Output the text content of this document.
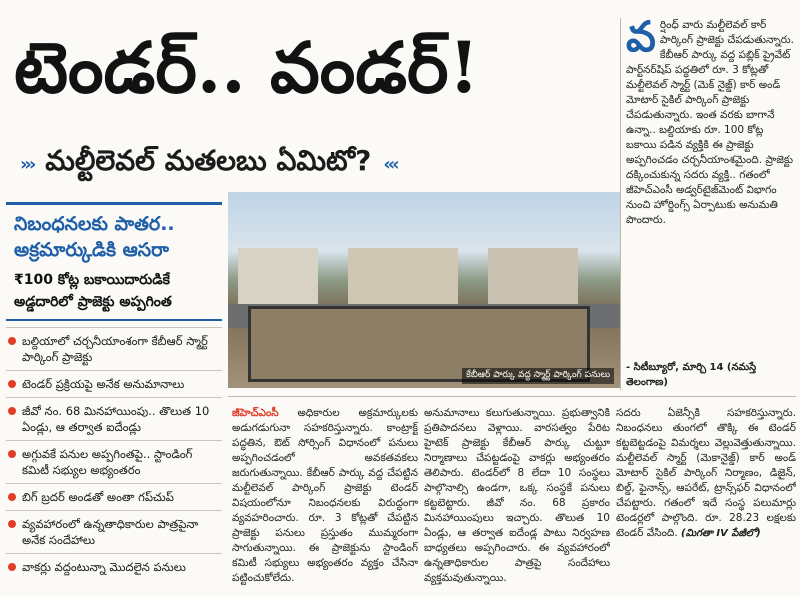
టెండర్.. వండర్!
››› మల్టీలెవల్ మతలబు ఏమిటో? ‹‹‹
వ ర్షింధ్ వారు మల్టీలెవల్ కార్ పార్కింగ్ ప్రాజెక్టు చేపడుతున్నారు. కేబీఆర్ పార్కు వద్ద పబ్లిక్ ప్రైవేట్ పార్ట్‌నర్‌షిప్ పద్ధతిలో రూ. 3 కోట్లతో మల్టీలెవల్ స్మార్ట్ (మెక్ నైజ్డ్) కార్ అండ్ మోటార్ సైకిల్ పార్కింగ్ ప్రాజెక్టు చేపడుతున్నారు. ఇంత వరకు బాగానే ఉన్నా.. బల్దియాకు రూ. 100 కోట్ల బకాయి పడిన వ్యక్తికి ఈ ప్రాజెక్టు అప్పగించడం చర్చనీయాంశమైంది. ప్రాజెక్టు దక్కించుకున్న సదరు వ్యక్తి.. గతంలో జీహెచ్ఎంసీ అడ్వర్‌టైజ్‌మెంట్ విభాగం నుంచి హోర్డింగ్స్ ఏర్పాటుకు అనుమతి పొందారు.
- సిటీబ్యూరో, మార్చి 14 (నమస్తే తెలంగాణ)
నిబంధనలకు పాతర..
అక్రమార్కుడికి ఆసరా
₹100 కోట్ల బకాయిదారుడికే
అడ్డదారిలో ప్రాజెక్టు అప్పగింత
బల్దియాలో చర్చనీయాంశంగా కేబీఆర్ స్మార్ట్ పార్కింగ్ ప్రాజెక్టు
టెండర్ ప్రక్రియపై అనేక అనుమానాలు
జీవో నం. 68 మినహాయింపు.. తొలుత 10 ఏండ్లు, ఆ తర్వాత ఐదేండ్లు
అగ్గువకే పనుల అప్పగింతపై.. స్టాండింగ్ కమిటీ సభ్యుల అభ్యంతరం
బిగ్ బ్రదర్ అండతో అంతా గప్‌చుప్
వ్యవహారంలో ఉన్నతాధికారుల పాత్రపైనా అనేక సందేహాలు
వాకర్లు వద్దంటున్నా మొదలైన పనులు
కేబీఆర్ పార్కు వద్ద స్మార్ట్ పార్కింగ్ పనులు
జీహెచ్ఎంసీ అధికారుల అక్రమార్కులకు అడుగడుగునా సహకరిస్తున్నారు. కాంట్రాక్ట్ పద్ధతిన, ఔట్ సోర్సింగ్ విధానంలో పనులు అప్పగించడంలో అవకతవకలు జరుగుతున్నాయి. కేబీఆర్ పార్కు వద్ద చేపట్టిన మల్టీలెవల్ పార్కింగ్ ప్రాజెక్టు టెండర్ విషయంలోనూ నిబంధనలకు విరుద్ధంగా వ్యవహరించారు. రూ. 3 కోట్లతో చేపట్టిన ప్రాజెక్టు పనులు ప్రస్తుతం ముమ్మరంగా సాగుతున్నాయి. ఈ ప్రాజెక్టును స్టాండింగ్ కమిటీ సభ్యులు అభ్యంతరం వ్యక్తం చేసినా పట్టించుకోలేదు.
అనుమానాలు కలుగుతున్నాయి. ప్రభుత్వానికి ప్రతిపాదనలు వెళ్లాయి. వారసత్వం పేరిట హైటెక్ ప్రాజెక్టు కేబీఆర్ పార్కు చుట్టూ నిర్మాణాలు చేపట్టడంపై వాకర్లు అభ్యంతరం తెలిపారు. టెండర్‌లో 8 లేదా 10 సంస్థలు పాల్గొనాల్సి ఉండగా, ఒక్క సంస్థకే పనులు కట్టబెట్టారు. జీవో నం. 68 ప్రకారం మినహాయింపులు ఇచ్చారు. తొలుత 10 ఏండ్లు, ఆ తర్వాత ఐదేండ్ల పాటు నిర్వహణ బాధ్యతలు అప్పగించారు. ఈ వ్యవహారంలో ఉన్నతాధికారుల పాత్రపై సందేహాలు వ్యక్తమవుతున్నాయి.
సదరు ఏజెన్సీకి సహకరిస్తున్నారు. నిబంధనలు తుంగలో తొక్కి ఈ టెండర్ కట్టబెట్టడంపై విమర్శలు వెల్లువెత్తుతున్నాయి. మల్టీలెవల్ స్మార్ట్ (మెకానైజ్డ్) కార్ అండ్ మోటార్ సైకిల్ పార్కింగ్ నిర్మాణం, డిజైన్, బిల్డ్, ఫైనాన్స్, ఆపరేట్, ట్రాన్స్‌ఫర్ విధానంలో చేపట్టారు. గతంలో ఇదే సంస్థ పలుమార్లు టెండర్లలో పాల్గొంది. రూ. 28.23 లక్షలకు టెండర్ వేసింది. (మిగతా IV పేజీలో)
